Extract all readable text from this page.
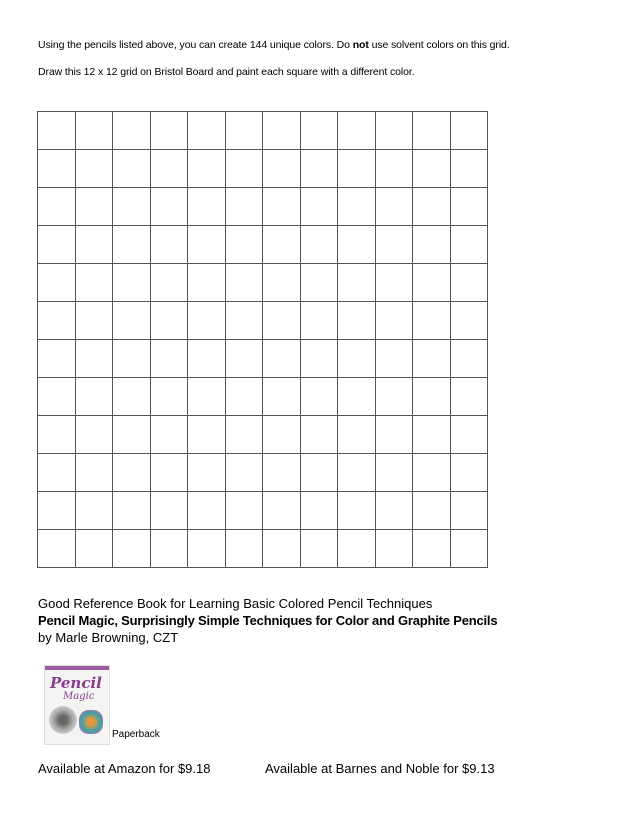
Using the pencils listed above, you can create 144 unique colors. Do not use solvent colors on this grid.
Draw this 12 x 12 grid on Bristol Board and paint each square with a different color.
Good Reference Book for Learning Basic Colored Pencil Techniques
Pencil Magic, Surprisingly Simple Techniques for Color and Graphite Pencils
by Marle Browning, CZT
Pencil
Magic
Paperback
Available at Amazon for $9.18	Available at Barnes and Noble for $9.13
